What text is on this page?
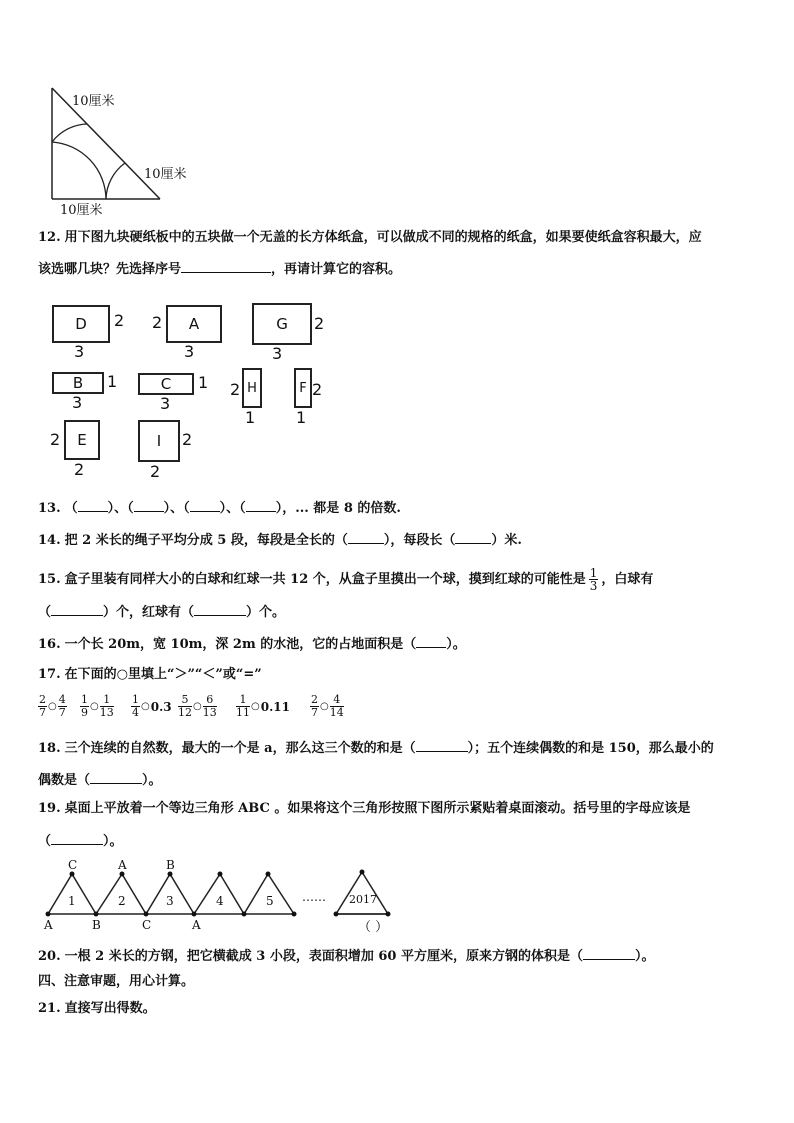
10厘米
10厘米
10厘米
12. 用下图九块硬纸板中的五块做一个无盖的长方体纸盒，可以做成不同的规格的纸盒，如果要使纸盒容积最大，应
该选哪几块？先选择序号	，再请计算它的容积。
D 2
3
2 A
3
G 2
3
B 1
3
C 1
3
2 H
1
F 2
1
2 E
2
I 2
2
13. （ ）、（ ）、（ ）、（ ），... 都是 8 的倍数.
14. 把 2 米长的绳子平均分成 5 段，每段是全长的（	），每段长（	）米.
15. 盒子里装有同样大小的白球和红球一共 12 个，从盒子里摸出一个球，摸到红球的可能性是 $\frac{1}{3}$ ，白球有
（	）个，红球有（	）个。
16. 一个长 20m，宽 10m，深 2m 的水池，它的占地面积是（ ）。
17. 在下面的○里填上“＞”“＜”或“=”
$\frac{2}{7}$ ○ $\frac{4}{7} \frac{1}{9}$ ○ $\frac{1}{13} \frac{1}{4}$ ○ $0.3 \frac{5}{12}$ ○ $\frac{6}{13} \frac{1}{11}$ ○ $0.11 \frac{2}{7}$ ○ $\frac{4}{14}$
18. 三个连续的自然数，最大的一个是 a，那么这三个数的和是（	）；五个连续偶数的和是 150，那么最小的
偶数是（	）。
19. 桌面上平放着一个等边三角形 ABC 。如果将这个三角形按照下图所示紧贴着桌面滚动。括号里的字母应该是
（	）。
C	A	B
A	B	C	A
1	2	3	4	5 …… 2017
（ ）
20. 一根 2 米长的方钢，把它横截成 3 小段，表面积增加 60 平方厘米，原来方钢的体积是（	）。
四、注意审题，用心计算。
21. 直接写出得数。
